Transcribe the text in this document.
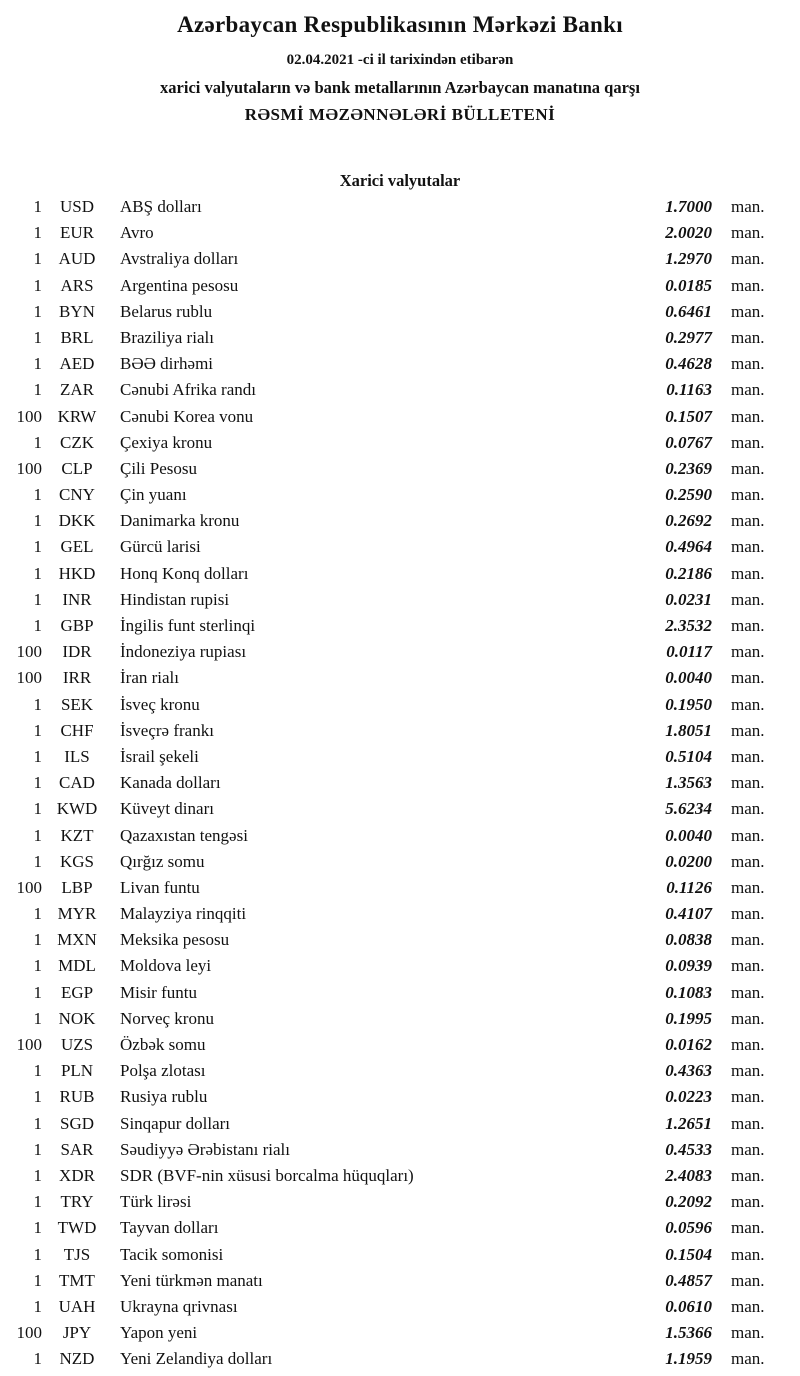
Azərbaycan Respublikasının Mərkəzi Bankı
02.04.2021 -ci il tarixindən etibarən
xarici valyutaların və bank metallarının Azərbaycan manatına qarşı
RƏSMİ MƏZƏNNƏLƏRİ BÜLLETENİ
Xarici valyutalar
1	USD	ABŞ dolları	1.7000	man.
1	EUR	Avro	2.0020	man.
1 AUD	Avstraliya dolları	1.2970	man.
1	ARS	Argentina pesosu	0.0185	man.
1	BYN	Belarus rublu	0.6461	man.
1	BRL	Braziliya rialı	0.2977	man.
1	AED	BƏƏ dirhəmi	0.4628	man.
1	ZAR	Cənubi Afrika randı	0.1163	man.
100 KRW	Cənubi Korea vonu	0.1507	man.
1	CZK	Çexiya kronu	0.0767	man.
100	CLP	Çili Pesosu	0.2369	man.
1	CNY	Çin yuanı	0.2590	man.
1 DKK	Danimarka kronu	0.2692	man.
1	GEL	Gürcü larisi	0.4964	man.
1 HKD	Honq Konq dolları	0.2186	man.
1	INR	Hindistan rupisi	0.0231	man.
1	GBP	İngilis funt sterlinqi	2.3532	man.
100	IDR	İndoneziya rupiası	0.0117	man.
100	IRR	İran rialı	0.0040	man.
1	SEK	İsveç kronu	0.1950	man.
1	CHF	İsveçrə frankı	1.8051	man.
1	ILS	İsrail şekeli	0.5104	man.
1	CAD	Kanada dolları	1.3563	man.
1 KWD	Küveyt dinarı	5.6234	man.
1	KZT	Qazaxıstan tengəsi	0.0040	man.
1	KGS	Qırğız somu	0.0200	man.
100	LBP	Livan funtu	0.1126	man.
1 MYR	Malayziya rinqqiti	0.4107	man.
1 MXN	Meksika pesosu	0.0838	man.
1 MDL	Moldova leyi	0.0939	man.
1	EGP	Misir funtu	0.1083	man.
1 NOK	Norveç kronu	0.1995	man.
100	UZS	Özbək somu	0.0162	man.
1	PLN	Polşa zlotası	0.4363	man.
1	RUB	Rusiya rublu	0.0223	man.
1	SGD	Sinqapur dolları	1.2651	man.
1	SAR	Səudiyyə Ərəbistanı rialı	0.4533	man.
1	XDR	SDR (BVF-nin xüsusi borcalma hüquqları)	2.4083	man.
1	TRY	Türk lirəsi	0.2092	man.
1 TWD	Tayvan dolları	0.0596	man.
1	TJS	Tacik somonisi	0.1504	man.
1	TMT	Yeni türkmən manatı	0.4857	man.
1 UAH	Ukrayna qrivnası	0.0610	man.
100	JPY	Yapon yeni	1.5366	man.
1	NZD	Yeni Zelandiya dolları	1.1959	man.
